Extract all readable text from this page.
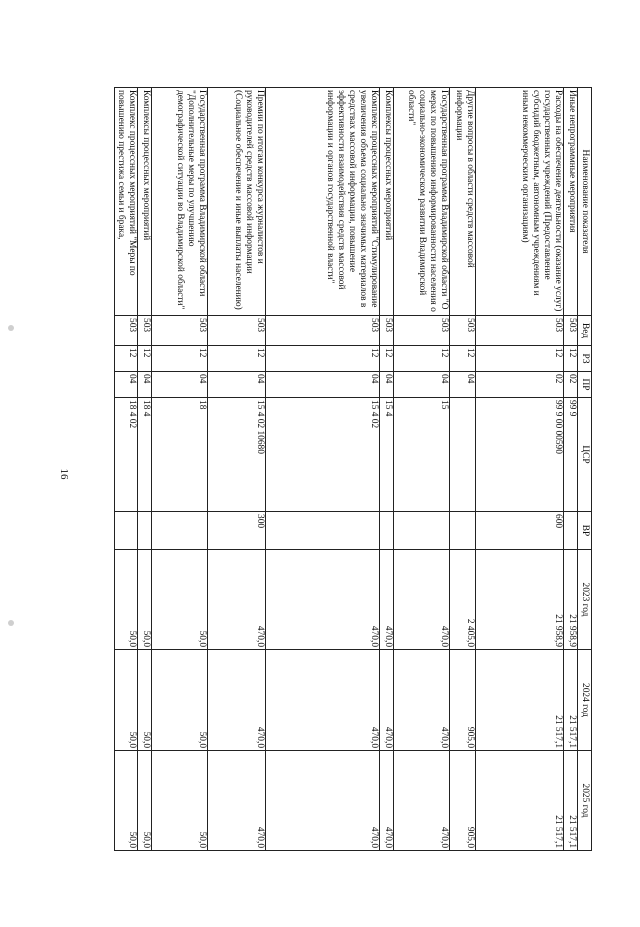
16
Наименование показателя	Вед	РЗ	ПР	ЦСР	ВР	2023 год	2024 год	2025 год
Иные непрограммные мероприятия	503	12	02	99 9		21 958,9	21 517,1	21 517,1
Расходы на обеспечение деятельности (оказание услуг) государственных учреждений (Предоставление субсидий бюджетным, автономным учреждениям и иным некоммерческим организациям)	503	12	02	99 9 00 00590	600	21 958,9	21 517,1	21 517,1
Другие вопросы в области средств массовой информации	503	12	04			2 405,0	905,0	905,0
Государственная программа Владимирской области "О мерах по повышению информированности населения о социально-экономическом развитии Владимирской области"	503	12	04	15		470,0	470,0	470,0
Комплексы процессных мероприятий	503	12	04	15 4		470,0	470,0	470,0
Комплекс процессных мероприятий "Стимулирование увеличения объема социально значимых материалов в средствах массовой информации, повышение эффективности взаимодействия средств массовой информации и органов государственной власти"	503	12	04	15 4 02		470,0	470,0	470,0
Премии по итогам конкурса журналистов и руководителей средств массовой информации (Социальное обеспечение и иные выплаты населению)	503	12	04	15 4 02 10680	300	470,0	470,0	470,0
Государственная программа Владимирской области "Дополнительные меры по улучшению демографической ситуации во Владимирской области"	503	12	04	18		50,0	50,0	50,0
Комплексы процессных мероприятий	503	12	04	18 4		50,0	50,0	50,0
Комплекс процессных мероприятий "Меры по повышению престижа семьи и брака,	503	12	04	18 4 02		50,0	50,0	50,0
